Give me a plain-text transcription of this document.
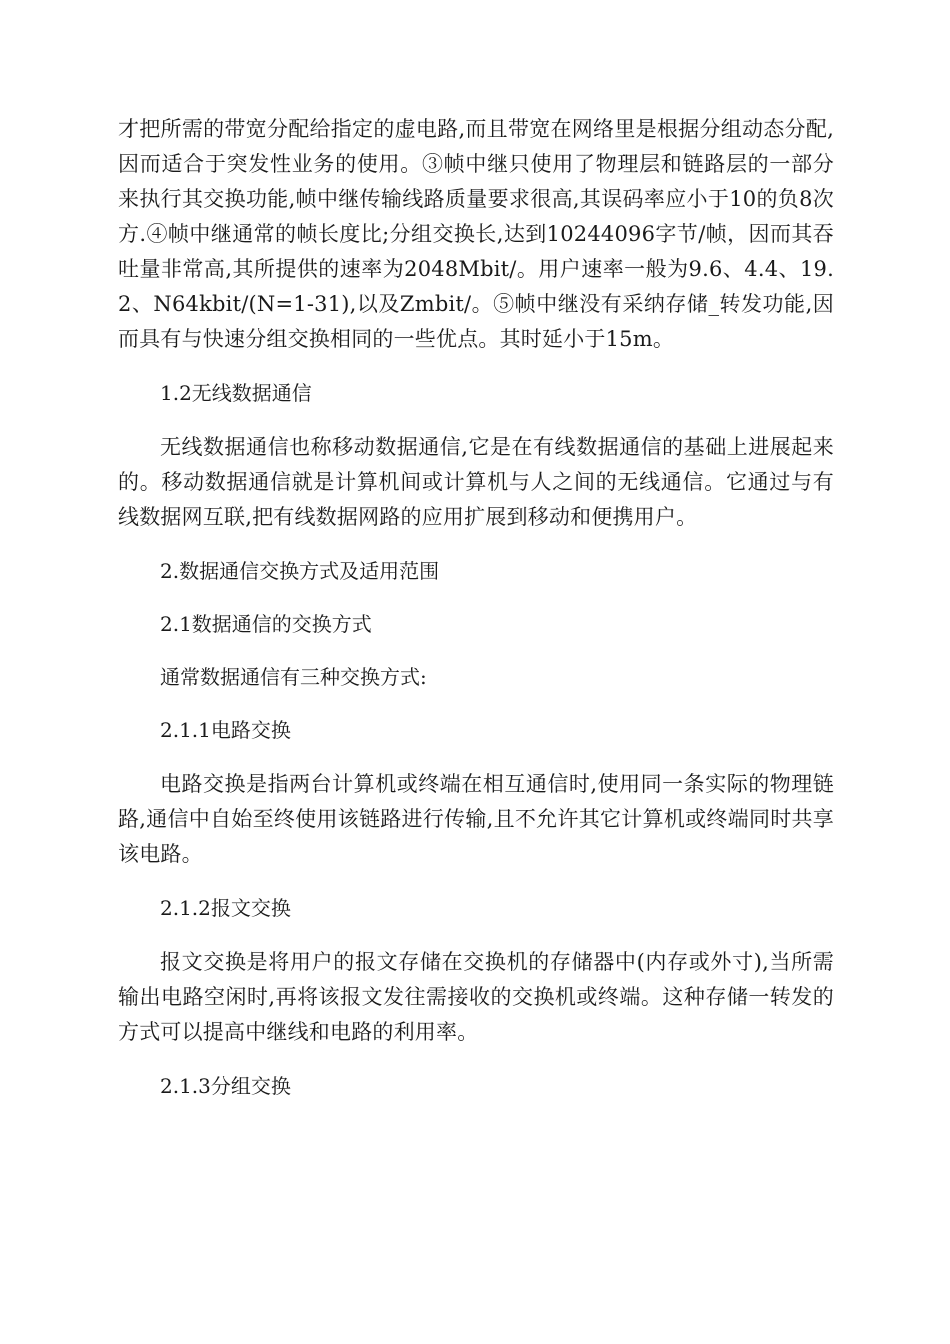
才把所需的带宽分配给指定的虚电路,而且带宽在网络里是根据分组动态分配,因而适合于突发性业务的使用。③帧中继只使用了物理层和链路层的一部分来执行其交换功能,帧中继传输线路质量要求很高,其误码率应小于10的负8次方.④帧中继通常的帧长度比;分组交换长,达到10244096字节/帧，因而其吞吐量非常高,其所提供的速率为2048Mbit/。用户速率一般为9.6、4.4、19.2、N64kbit/(N=1-31),以及Zmbit/。⑤帧中继没有采纳存储_转发功能,因而具有与快速分组交换相同的一些优点。其时延小于15m。

1.2无线数据通信

无线数据通信也称移动数据通信,它是在有线数据通信的基础上进展起来的。移动数据通信就是计算机间或计算机与人之间的无线通信。它通过与有线数据网互联,把有线数据网路的应用扩展到移动和便携用户。

2.数据通信交换方式及适用范围

2.1数据通信的交换方式

通常数据通信有三种交换方式:

2.1.1电路交换

电路交换是指两台计算机或终端在相互通信时,使用同一条实际的物理链路,通信中自始至终使用该链路进行传输,且不允许其它计算机或终端同时共享该电路。

2.1.2报文交换

报文交换是将用户的报文存储在交换机的存储器中(内存或外寸),当所需输出电路空闲时,再将该报文发往需接收的交换机或终端。这种存储一转发的方式可以提高中继线和电路的利用率。

2.1.3分组交换
